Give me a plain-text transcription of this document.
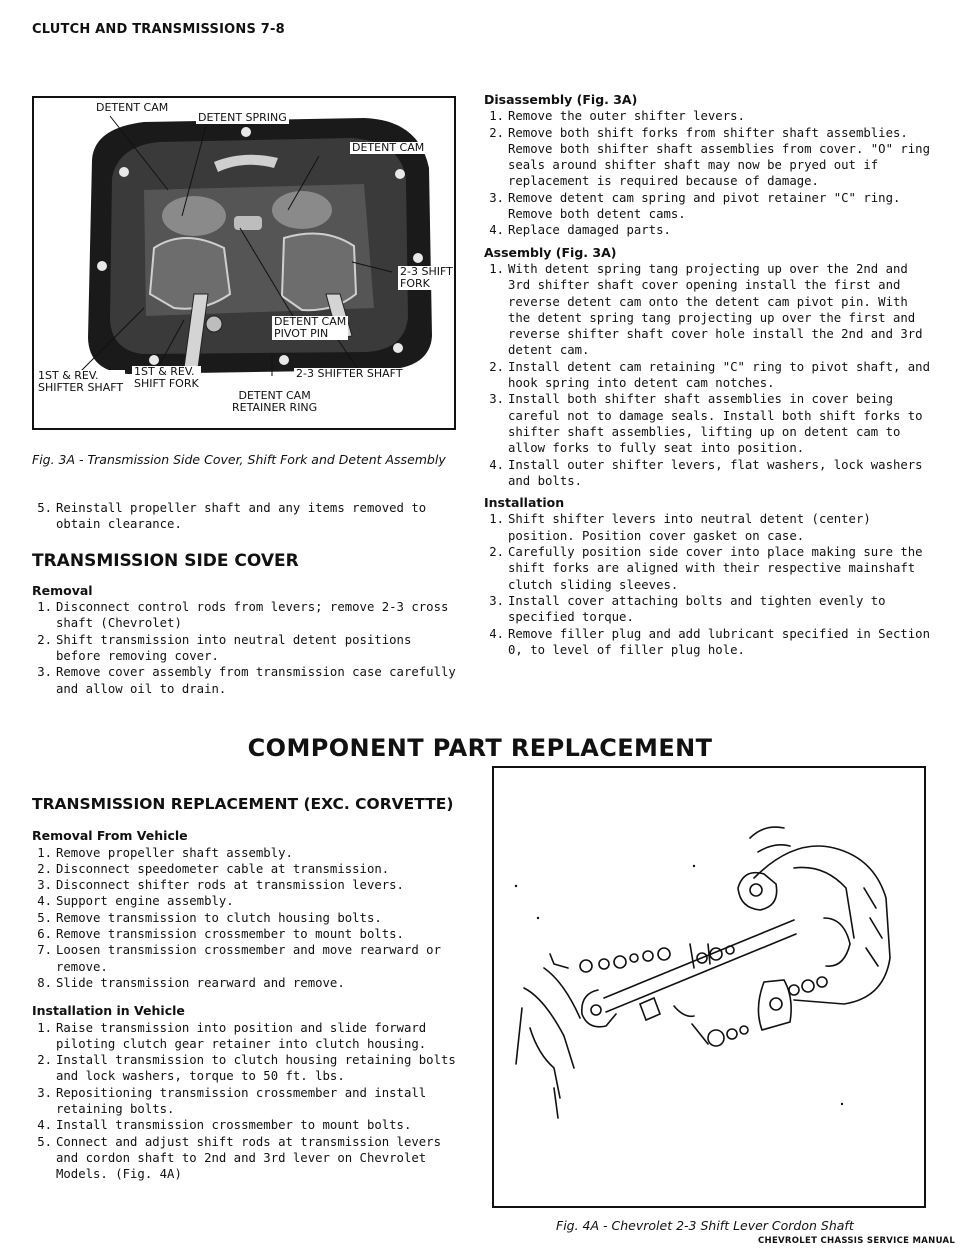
CLUTCH AND TRANSMISSIONS 7-8
DETENT CAM
DETENT SPRING
DETENT CAM
2-3 SHIFT
FORK
DETENT CAM
PIVOT PIN
1ST & REV.
SHIFTER SHAFT
1ST & REV.
SHIFT FORK
2-3 SHIFTER SHAFT
DETENT CAM
RETAINER RING
Fig. 3A - Transmission Side Cover, Shift Fork and Detent Assembly
5. Reinstall propeller shaft and any items removed to obtain clearance.
TRANSMISSION SIDE COVER
Removal
1. Disconnect control rods from levers; remove 2-3 cross shaft (Chevrolet)
2. Shift transmission into neutral detent positions before removing cover.
3. Remove cover assembly from transmission case carefully and allow oil to drain.
Disassembly (Fig. 3A)
1. Remove the outer shifter levers.
2. Remove both shift forks from shifter shaft assemblies. Remove both shifter shaft assemblies from cover. "O" ring seals around shifter shaft may now be pryed out if replacement is required because of damage.
3. Remove detent cam spring and pivot retainer "C" ring. Remove both detent cams.
4. Replace damaged parts.
Assembly (Fig. 3A)
1. With detent spring tang projecting up over the 2nd and 3rd shifter shaft cover opening install the first and reverse detent cam onto the detent cam pivot pin. With the detent spring tang projecting up over the first and reverse shifter shaft cover hole install the 2nd and 3rd detent cam.
2. Install detent cam retaining "C" ring to pivot shaft, and hook spring into detent cam notches.
3. Install both shifter shaft assemblies in cover being careful not to damage seals. Install both shift forks to shifter shaft assemblies, lifting up on detent cam to allow forks to fully seat into position.
4. Install outer shifter levers, flat washers, lock washers and bolts.
Installation
1. Shift shifter levers into neutral detent (center) position. Position cover gasket on case.
2. Carefully position side cover into place making sure the shift forks are aligned with their respective mainshaft clutch sliding sleeves.
3. Install cover attaching bolts and tighten evenly to specified torque.
4. Remove filler plug and add lubricant specified in Section 0, to level of filler plug hole.
COMPONENT PART REPLACEMENT
TRANSMISSION REPLACEMENT (EXC. CORVETTE)
Removal From Vehicle
1. Remove propeller shaft assembly.
2. Disconnect speedometer cable at transmission.
3. Disconnect shifter rods at transmission levers.
4. Support engine assembly.
5. Remove transmission to clutch housing bolts.
6. Remove transmission crossmember to mount bolts.
7. Loosen transmission crossmember and move rearward or remove.
8. Slide transmission rearward and remove.
Installation in Vehicle
1. Raise transmission into position and slide forward piloting clutch gear retainer into clutch housing.
2. Install transmission to clutch housing retaining bolts and lock washers, torque to 50 ft. lbs.
3. Repositioning transmission crossmember and install retaining bolts.
4. Install transmission crossmember to mount bolts.
5. Connect and adjust shift rods at transmission levers and cordon shaft to 2nd and 3rd lever on Chevrolet Models. (Fig. 4A)
Fig. 4A - Chevrolet 2-3 Shift Lever Cordon Shaft
CHEVROLET CHASSIS SERVICE MANUAL
